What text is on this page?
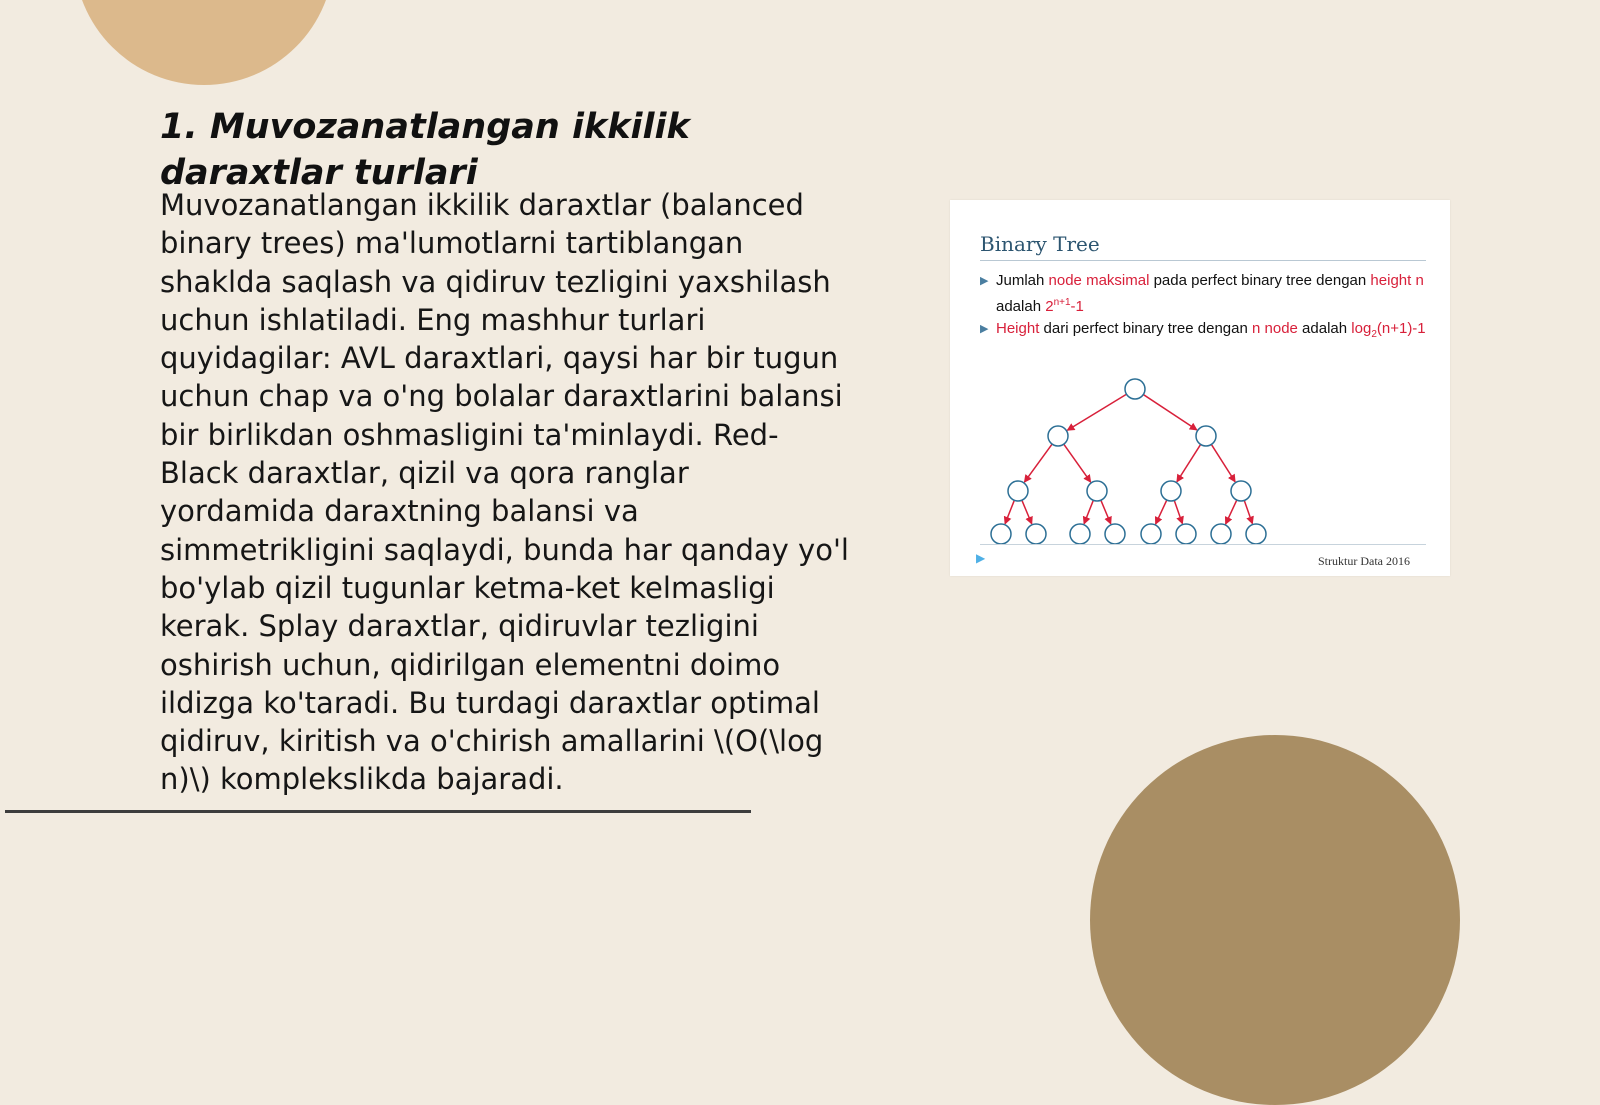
1. Muvozanatlangan ikkilik daraxtlar turlari

Muvozanatlangan ikkilik daraxtlar (balanced binary trees) ma'lumotlarni tartiblangan shaklda saqlash va qidiruv tezligini yaxshilash uchun ishlatiladi. Eng mashhur turlari quyidagilar: AVL daraxtlari, qaysi har bir tugun uchun chap va o'ng bolalar daraxtlarini balansi bir birlikdan oshmasligini ta'minlaydi. Red-Black daraxtlar, qizil va qora ranglar yordamida daraxtning balansi va simmetrikligini saqlaydi, bunda har qanday yo'l bo'ylab qizil tugunlar ketma-ket kelmasligi kerak. Splay daraxtlar, qidiruvlar tezligini oshirish uchun, qidirilgan elementni doimo ildizga ko'taradi. Bu turdagi daraxtlar optimal qidiruv, kiritish va o'chirish amallarini \(O(\log n)\) komplekslikda bajaradi.

Binary Tree
▶ Jumlah node maksimal pada perfect binary tree dengan height n adalah $2^{n+1}-1$
▶ Height dari perfect binary tree dengan n node adalah $\log_2(n+1)-1$
▶	Struktur Data 2016
